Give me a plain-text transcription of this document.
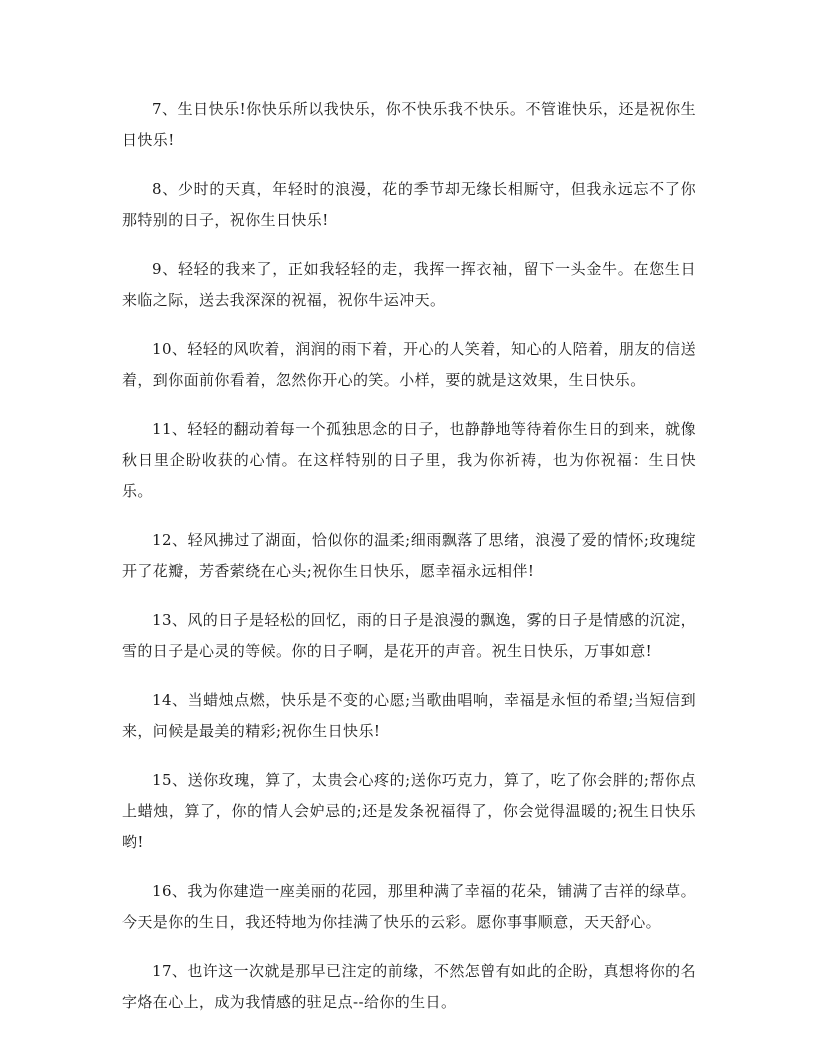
7、生日快乐!你快乐所以我快乐，你不快乐我不快乐。不管谁快乐，还是祝你生日快乐!

8、少时的天真，年轻时的浪漫，花的季节却无缘长相厮守，但我永远忘不了你那特别的日子，祝你生日快乐!

9、轻轻的我来了，正如我轻轻的走，我挥一挥衣袖，留下一头金牛。在您生日来临之际，送去我深深的祝福，祝你牛运冲天。

10、轻轻的风吹着，润润的雨下着，开心的人笑着，知心的人陪着，朋友的信送着，到你面前你看着，忽然你开心的笑。小样，要的就是这效果，生日快乐。

11、轻轻的翻动着每一个孤独思念的日子，也静静地等待着你生日的到来，就像秋日里企盼收获的心情。在这样特别的日子里，我为你祈祷，也为你祝福：生日快乐。

12、轻风拂过了湖面，恰似你的温柔;细雨飘落了思绪，浪漫了爱的情怀;玫瑰绽开了花瓣，芳香萦绕在心头;祝你生日快乐，愿幸福永远相伴!

13、风的日子是轻松的回忆，雨的日子是浪漫的飘逸，雾的日子是情感的沉淀，雪的日子是心灵的等候。你的日子啊，是花开的声音。祝生日快乐，万事如意!

14、当蜡烛点燃，快乐是不变的心愿;当歌曲唱响，幸福是永恒的希望;当短信到来，问候是最美的精彩;祝你生日快乐!

15、送你玫瑰，算了，太贵会心疼的;送你巧克力，算了，吃了你会胖的;帮你点上蜡烛，算了，你的情人会妒忌的;还是发条祝福得了，你会觉得温暖的;祝生日快乐哟!

16、我为你建造一座美丽的花园，那里种满了幸福的花朵，铺满了吉祥的绿草。今天是你的生日，我还特地为你挂满了快乐的云彩。愿你事事顺意，天天舒心。

17、也许这一次就是那早已注定的前缘，不然怎曾有如此的企盼，真想将你的名字烙在心上，成为我情感的驻足点--给你的生日。
